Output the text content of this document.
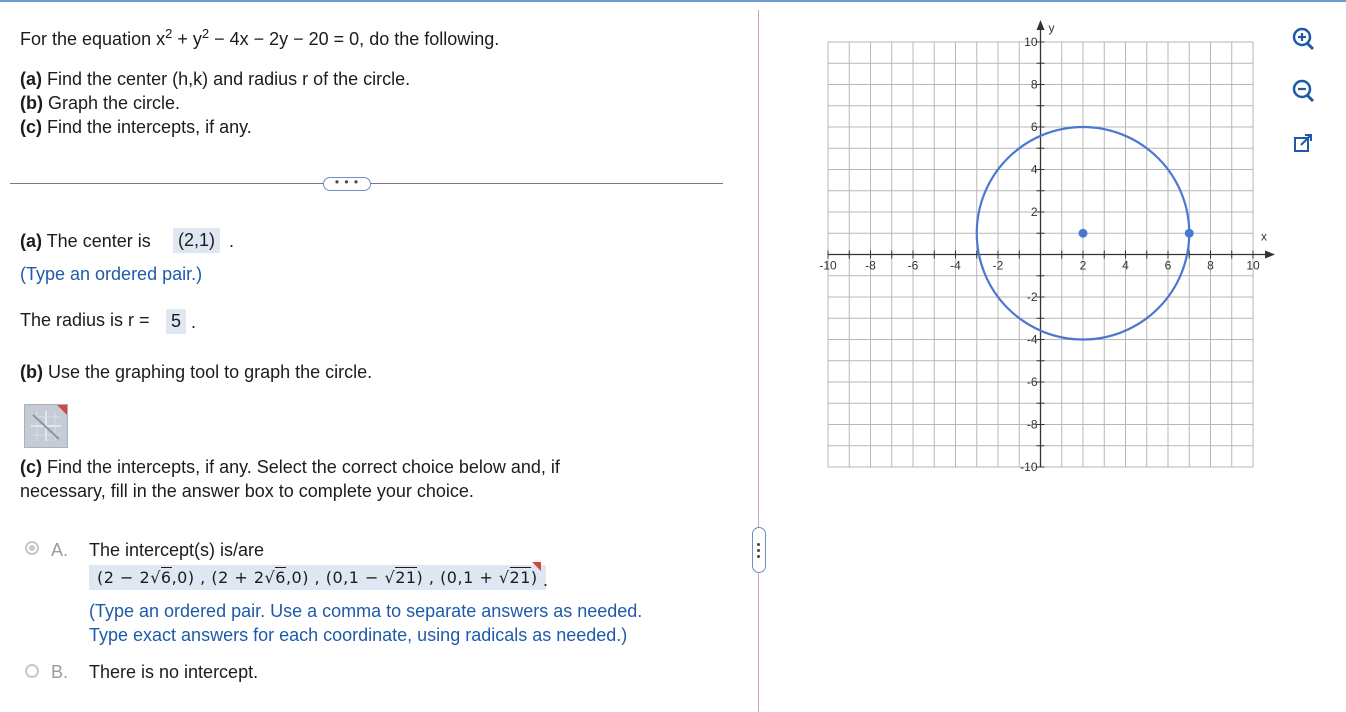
For the equation $x^2 + y^2 - 4x - 2y - 20 = 0$, do the following.
(a) Find the center (h,k) and radius r of the circle.
(b) Graph the circle.
(c) Find the intercepts, if any.
• • •
(a) The center is (2,1) .
(Type an ordered pair.)
The radius is r = 5 .
(b) Use the graphing tool to graph the circle.
(c) Find the intercepts, if any. Select the correct choice below and, if
necessary, fill in the answer box to complete your choice.
A. The intercept(s) is/are
(2 − 2√6,0) , (2 + 2√6,0) , (0,1 − √21) , (0,1 + √21) .
(Type an ordered pair. Use a comma to separate answers as needed.
Type exact answers for each coordinate, using radicals as needed.)
B. There is no intercept.
-10 -8	-6	-4	-2	2	4	6	8	10
10
8
6
4
2
-2
-4
-6
-8
-10
x
y
